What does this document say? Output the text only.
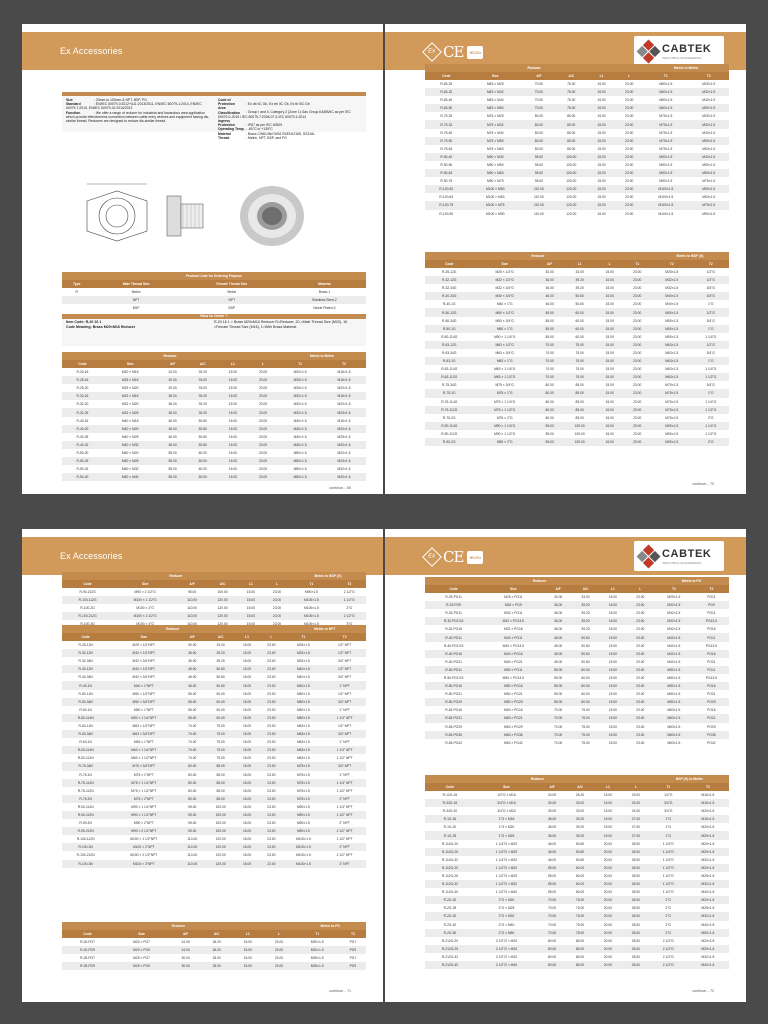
Ex Accessories
Size	: 20mm to 100mm & NPT, BSP, PG
Standard	: EN/IEC 60079-0:2012+A11:2013/2011, EN/IEC 60079-1:2014, EN/IEC 60079-7:2015, EN/IEC 60079-31:2014/2013
Function	: We offer a range of reducer for industrial and hazardous area application which provide effectiveness connection between cable entry devices and equipment having dis-similar thread. Reducers are designed to reduce dis-similar thread.
Code of Protection	: Ex db IIC Gb, Ex eb IIC Gb, Ex tb IIIC Db
Area Classification : Group I and II, Category 2 (Zone 1) Gas Group IIA/IIB/IIC as per IEC 60079-0-2015 / IEC 60079-7:2006-07 & IEC 60079-1:2014
Ingress Protection	: IP67 as per IEC 60529
Operating Temp.: -60°C to +135°C
Material	: Brass CW614N/CW617N/EN12165, SS316L
Thread	: Metric, NPT, BSP, and PG
Product Code for Ordering Purpose			
Type	Male Thread Size	Female Thread Size	Material
R	Metric	Metric	Brass-1
	NPT	NPT	Stainless Steel-2
	BSP	BSP	Nickel Plated-3
Item Code: R-20 16 1
Code Meaning: Brass M20×M16 Reducer
R-20 16 1 = Brass M20xM16 Reducer R=Reducer, 20 =Male Thread Size (M20), 16 =Female Thread Size (M16), 1=With Brass Material.
How to Order ?
Reducer						Metric to Metric	
Code	Size	A/F	A/C	L1	L	T1	T2
R-20-16	M20 × M16	24.00	26.20	15.00	23.00	M20×1.5	M16×1.5
R-25-16	M25 × M16	30.00	33.00	15.00	23.00	M25×1.5	M16×1.5
R-25-20	M25 × M20	30.00	33.00	15.00	23.00	M25×1.5	M20×1.5
R-32-16	M32 × M16	36.00	39.20	15.00	23.00	M32×1.5	M16×1.5
R-32-20	M32 × M20	36.00	39.20	15.00	23.00	M32×1.5	M20×1.5
R-32-25	M32 × M25	36.00	39.20	15.00	23.00	M32×1.5	M25×1.5
R-40-16	M40 × M16	46.00	50.60	15.00	23.00	M40×1.5	M16×1.5
R-40-20	M40 × M20	46.00	50.60	15.00	23.00	M40×1.5	M20×1.5
R-40-25	M40 × M25	46.00	50.60	15.00	23.00	M40×1.5	M25×1.5
R-40-32	M40 × M32	46.00	50.60	15.00	23.00	M40×1.5	M32×1.5
R-50-20	M50 × M20	55.00	60.00	15.00	23.00	M50×1.5	M20×1.5
R-50-25	M50 × M25	55.00	60.00	15.00	23.00	M50×1.5	M25×1.5
R-50-32	M50 × M32	55.00	60.00	15.00	23.00	M50×1.5	M32×1.5
R-50-40	M50 × M40	55.00	60.00	15.00	23.00	M50×1.5	M40×1.5
continue... 69
Ex CE	IECEx	CABTEK
INDUSTRIAL ENGINEERING
Reducer						Metric to Metric	
Code	Size	A/F	A/C	L1	L	T1	T2
R-63-25	M63 × M25	70.00	75.00	15.00	23.00	M63×1.5	M25×1.5
R-63-32	M63 × M32	70.00	75.00	15.00	23.00	M63×1.5	M32×1.5
R-63-40	M63 × M40	70.00	75.00	15.00	23.00	M63×1.5	M40×1.5
R-63-50	M63 × M50	70.00	75.00	15.00	23.00	M63×1.5	M50×1.5
R-75-25	M75 × M25	80.00	85.00	15.00	23.00	M75×1.5	M25×1.5
R-75-32	M75 × M32	80.00	85.00	15.00	23.00	M75×1.5	M32×1.5
R-75-40	M75 × M40	80.00	85.00	15.00	23.00	M75×1.5	M40×1.5
R-75-50	M75 × M50	80.00	85.00	15.00	23.00	M75×1.5	M50×1.5
R-75-63	M75 × M63	80.00	85.00	15.00	23.00	M75×1.5	M63×1.5
R-90-40	M90 × M40	95.00	100.00	15.00	23.00	M90×1.5	M40×1.5
R-90-50	M90 × M50	95.00	100.00	15.00	23.00	M90×1.5	M50×1.5
R-90-63	M90 × M63	95.00	100.00	15.00	23.00	M90×1.5	M63×1.5
R-90-75	M90 × M75	95.00	100.00	15.00	23.00	M90×1.5	M75×1.5
R-100-50	M100 × M50	110.00	120.00	15.00	23.00	M100×1.5	M50×1.5
R-100-63	M100 × M63	110.00	120.00	15.00	23.00	M100×1.5	M63×1.5
R-100-75	M100 × M75	110.00	120.00	15.00	23.00	M100×1.5	M75×1.5
R-100-90	M100 × M90	110.00	120.00	15.00	23.00	M100×1.5	M90×1.5
Reducer						Metric to BSP (G)	
Code	Size	A/F	L1	L	T1	T2	T2
R-25-12G	M25 × 1/2"G	30.00	33.00	15.00	23.00	M25×1.5	1/2"G
R-32-12G	M32 × 1/2"G	36.00	39.20	15.00	23.00	M32×1.5	1/2"G
R-32-34G	M32 × 3/4"G	36.00	39.20	15.00	23.00	M32×1.5	3/4"G
R-40-34G	M40 × 3/4"G	46.00	50.60	15.00	23.00	M40×1.5	3/4"G
R-40-1G	M40 × 1"G	46.00	50.60	15.00	23.00	M40×1.5	1"G
R-50-12G	M50 × 1/2"G	55.00	60.00	15.00	23.00	M50×1.5	1/2"G
R-50-34G	M50 × 3/4"G	55.00	60.00	15.00	23.00	M50×1.5	3/4"G
R-50-1G	M50 × 1"G	55.00	60.00	15.00	23.00	M50×1.5	1"G
R-50-114G	M50 × 1 1/4"G	55.00	60.00	15.00	23.00	M50×1.5	1 1/4"G
R-63-12G	M63 × 1/2"G	70.00	75.00	15.00	23.00	M63×1.5	1/2"G
R-63-34G	M63 × 3/4"G	70.00	75.00	15.00	23.00	M63×1.5	3/4"G
R-63-1G	M63 × 1"G	70.00	75.00	15.00	23.00	M63×1.5	1"G
R-63-114G	M63 × 1 1/4"G	70.00	75.00	15.00	23.00	M63×1.5	1 1/4"G
R-63-112G	M63 × 1 1/2"G	70.00	75.00	15.00	23.00	M63×1.5	1 1/2"G
R-75-34G	M75 × 3/4"G	80.00	85.00	15.00	23.00	M75×1.5	3/4"G
R-75-1G	M75 × 1"G	80.00	85.00	15.00	23.00	M75×1.5	1"G
R-75-114G	M75 × 1 1/4"G	80.00	85.00	15.00	23.00	M75×1.5	1 1/4"G
R-75-112G	M75 × 1 1/2"G	80.00	85.00	15.00	23.00	M75×1.5	1 1/2"G
R-75-2G	M75 × 2"G	80.00	85.00	15.00	23.00	M75×1.5	2"G
R-90-114G	M90 × 1 1/4"G	95.00	100.00	15.00	23.00	M90×1.5	1 1/4"G
R-90-112G	M90 × 1 1/2"G	95.00	100.00	15.00	23.00	M90×1.5	1 1/2"G
R-90-2G	M90 × 2"G	95.00	100.00	15.00	23.00	M90×1.5	2"G
continue... 70
Ex Accessories
Reducer						Metric to BSP (G)	
Code	Size	A/F	A/C	L1	L	T1	T2
R-90-212G	M90 × 2 1/2"G	95.00	100.00	15.00	23.00	M90×1.5	2 1/2"G
R-100-112G	M100 × 1 1/2"G	110.00	120.00	15.00	23.00	M100×1.5	1 1/2"G
R-100-2G	M100 × 2"G	110.00	120.00	15.00	23.00	M100×1.5	2"G
R-100-212G	M100 × 2 1/2"G	110.00	120.00	15.00	23.00	M100×1.5	2 1/2"G

Reducer						Metric to NPT	
Code	Size	A/F	A/C	L1	L	T1	T2
R-25-12N	M25 × 1/2"NPT	30.00	33.00	15.00	23.00	M25×1.5	1/2" NPT
R-32-12N	M32 × 1/2"NPT	36.00	39.20	15.00	23.00	M32×1.5	1/2" NPT
R-32-34N	M32 × 3/4"NPT	36.00	39.20	15.00	23.00	M32×1.5	3/4" NPT
R-40-12N	M40 × 1/2"NPT	46.00	50.60	15.00	23.00	M40×1.5	1/2" NPT
R-40-34N	M40 × 3/4"NPT	46.00	50.60	15.00	23.00	M40×1.5	3/4" NPT
R-40-1N	M40 × 1"NPT	46.00	50.60	15.00	23.00	M40×1.5	1" NPT
R-50-12N	M50 × 1/2"NPT	55.00	60.00	15.00	23.00	M50×1.5	1/2" NPT
R-50-34N	M50 × 3/4"NPT	55.00	60.00	15.00	23.00	M50×1.5	3/4" NPT
R-50-1N	M50 × 1"NPT	55.00	60.00	15.00	23.00	M50×1.5	1" NPT
R-50-114N	M50 × 1 1/4"NPT	55.00	60.00	15.00	23.00	M50×1.5	1 1/4" NPT
R-63-12N	M63 × 1/2"NPT	70.00	75.00	15.00	23.00	M63×1.5	1/2" NPT
R-63-34N	M63 × 3/4"NPT	70.00	75.00	15.00	23.00	M63×1.5	3/4" NPT
R-63-1N	M63 × 1"NPT	70.00	75.00	15.00	23.00	M63×1.5	1" NPT
R-63-114N	M63 × 1 1/4"NPT	70.00	75.00	15.00	23.00	M63×1.5	1 1/4" NPT
R-63-112N	M63 × 1 1/2"NPT	70.00	75.00	15.00	23.00	M63×1.5	1 1/2" NPT
R-75-34N	M75 × 3/4"NPT	80.00	85.00	15.00	23.00	M75×1.5	3/4" NPT
R-75-1N	M75 × 1"NPT	80.00	85.00	15.00	23.00	M75×1.5	1" NPT
R-75-114N	M75 × 1 1/4"NPT	80.00	85.00	15.00	23.00	M75×1.5	1 1/4" NPT
R-75-112N	M75 × 1 1/2"NPT	80.00	85.00	15.00	23.00	M75×1.5	1 1/2" NPT
R-75-2N	M75 × 2"NPT	80.00	85.00	15.00	23.00	M75×1.5	2" NPT
R-90-114N	M90 × 1 1/4"NPT	95.00	100.00	15.00	23.00	M90×1.5	1 1/4" NPT
R-90-112N	M90 × 1 1/2"NPT	95.00	100.00	15.00	23.00	M90×1.5	1 1/2" NPT
R-90-2N	M90 × 2"NPT	95.00	100.00	15.00	23.00	M90×1.5	2" NPT
R-90-212N	M90 × 2 1/2"NPT	95.00	100.00	15.00	23.00	M90×1.5	2 1/2" NPT
R-100-112N	M100 × 1 1/2"NPT	110.00	120.00	15.00	23.00	M100×1.5	1 1/2" NPT
R-100-2N	M100 × 2"NPT	110.00	120.00	15.00	23.00	M100×1.5	2" NPT
R-100-212N	M100 × 2 1/2"NPT	110.00	120.00	15.00	23.00	M100×1.5	2 1/2" NPT
R-100-3N	M100 × 3"NPT	110.00	120.00	15.00	23.00	M100×1.5	3" NPT
Reducer						Metric to PG	
Code	Size	A/F	A/C	L1	L	T1	T2
R-20-PG7	M20 × PG7	24.00	26.20	15.00	23.00	M20×1.5	PG7
R-20-PG9	M20 × PG9	24.00	26.20	15.00	23.00	M20×1.5	PG9
R-25-PG7	M25 × PG7	30.00	33.00	15.00	23.00	M25×1.5	PG7
R-25-PG9	M25 × PG9	30.00	33.00	15.00	23.00	M25×1.5	PG9
continue... 71
Ex CE	IECEx	CABTEK
INDUSTRIAL ENGINEERING
Reducer						Metric to PG	
Code	Size	A/F	A/C	L1	L	T1	T2
R-25-PG11	M25 × PG11	30.00	33.00	15.00	23.00	M25×1.5	PG11
R-32-PG9	M32 × PG9	36.00	39.20	15.00	23.00	M32×1.5	PG9
R-32-PG11	M32 × PG11	36.00	39.20	15.00	23.00	M32×1.5	PG11
R-32-PG13.5	M32 × PG13.5	36.00	39.20	15.00	23.00	M32×1.5	PG13.5
R-32-PG16	M32 × PG16	36.00	39.20	15.00	23.00	M32×1.5	PG16
R-40-PG11	M40 × PG11	46.00	50.60	15.00	23.00	M40×1.5	PG11
R-40-PG13.5	M40 × PG13.5	46.00	50.60	15.00	23.00	M40×1.5	PG13.5
R-40-PG16	M40 × PG16	46.00	50.60	15.00	23.00	M40×1.5	PG16
R-40-PG21	M40 × PG21	46.00	50.60	15.00	23.00	M40×1.5	PG21
R-50-PG11	M50 × PG11	55.00	60.00	15.00	23.00	M50×1.5	PG11
R-50-PG13.5	M50 × PG13.5	55.00	60.00	15.00	23.00	M50×1.5	PG13.5
R-50-PG16	M50 × PG16	55.00	60.00	15.00	23.00	M50×1.5	PG16
R-50-PG21	M50 × PG21	55.00	60.00	15.00	23.00	M50×1.5	PG21
R-50-PG29	M50 × PG29	55.00	60.00	15.00	23.00	M50×1.5	PG29
R-63-PG16	M63 × PG16	70.00	75.00	15.00	23.00	M63×1.5	PG16
R-63-PG21	M63 × PG21	70.00	75.00	15.00	23.00	M63×1.5	PG21
R-63-PG29	M63 × PG29	70.00	75.00	15.00	23.00	M63×1.5	PG29
R-63-PG36	M63 × PG36	70.00	75.00	15.00	23.00	M63×1.5	PG36
R-63-PG42	M63 × PG42	70.00	75.00	15.00	23.00	M63×1.5	PG42
Reducer						BSP (G) to Metric	
Code	Size	A/F	A/C	L1	L	T1	T2
R-12G-16	1/2"G × M16	24.00	26.20	15.00	23.00	1/2"G	M16×1.5
R-34G-16	3/4"G × M16	30.00	33.00	15.00	24.00	3/4"G	M16×1.5
R-34G-20	3/4"G × M20	30.00	33.00	15.00	24.00	3/4"G	M20×1.5
R-1G-16	1"G × M16	36.00	39.20	19.00	27.00	1"G	M16×1.5
R-1G-20	1"G × M20	36.00	39.20	19.00	27.00	1"G	M20×1.5
R-1G-25	1"G × M25	36.00	39.20	19.00	27.00	1"G	M25×1.5
R-114G-20	1 1/4"G × M20	46.00	50.60	20.00	28.00	1 1/4"G	M20×1.5
R-114G-25	1 1/4"G × M25	46.00	50.60	20.00	28.00	1 1/4"G	M25×1.5
R-114G-32	1 1/4"G × M32	46.00	50.60	20.00	28.00	1 1/4"G	M32×1.5
R-112G-20	1 1/2"G × M20	55.00	60.00	20.00	28.00	1 1/2"G	M20×1.5
R-112G-25	1 1/2"G × M25	55.00	60.00	20.00	28.00	1 1/2"G	M25×1.5
R-112G-32	1 1/2"G × M32	55.00	60.00	20.00	28.00	1 1/2"G	M32×1.5
R-112G-40	1 1/2"G × M40	55.00	60.00	20.00	28.00	1 1/2"G	M40×1.5
R-2G-20	2"G × M20	70.00	75.00	20.00	28.00	2"G	M20×1.5
R-2G-25	2"G × M25	70.00	75.00	20.00	28.00	2"G	M25×1.5
R-2G-32	2"G × M32	70.00	75.00	20.00	28.00	2"G	M32×1.5
R-2G-40	2"G × M40	70.00	75.00	20.00	28.00	2"G	M40×1.5
R-2G-50	2"G × M50	70.00	75.00	20.00	28.00	2"G	M50×1.5
R-212G-20	2 1/2"G × M20	80.00	85.00	20.00	28.00	2 1/2"G	M20×1.5
R-212G-25	2 1/2"G × M25	80.00	85.00	20.00	28.00	2 1/2"G	M25×1.5
R-212G-32	2 1/2"G × M32	80.00	85.00	20.00	28.00	2 1/2"G	M32×1.5
R-212G-40	2 1/2"G × M40	80.00	85.00	20.00	28.00	2 1/2"G	M40×1.5
continue... 72
